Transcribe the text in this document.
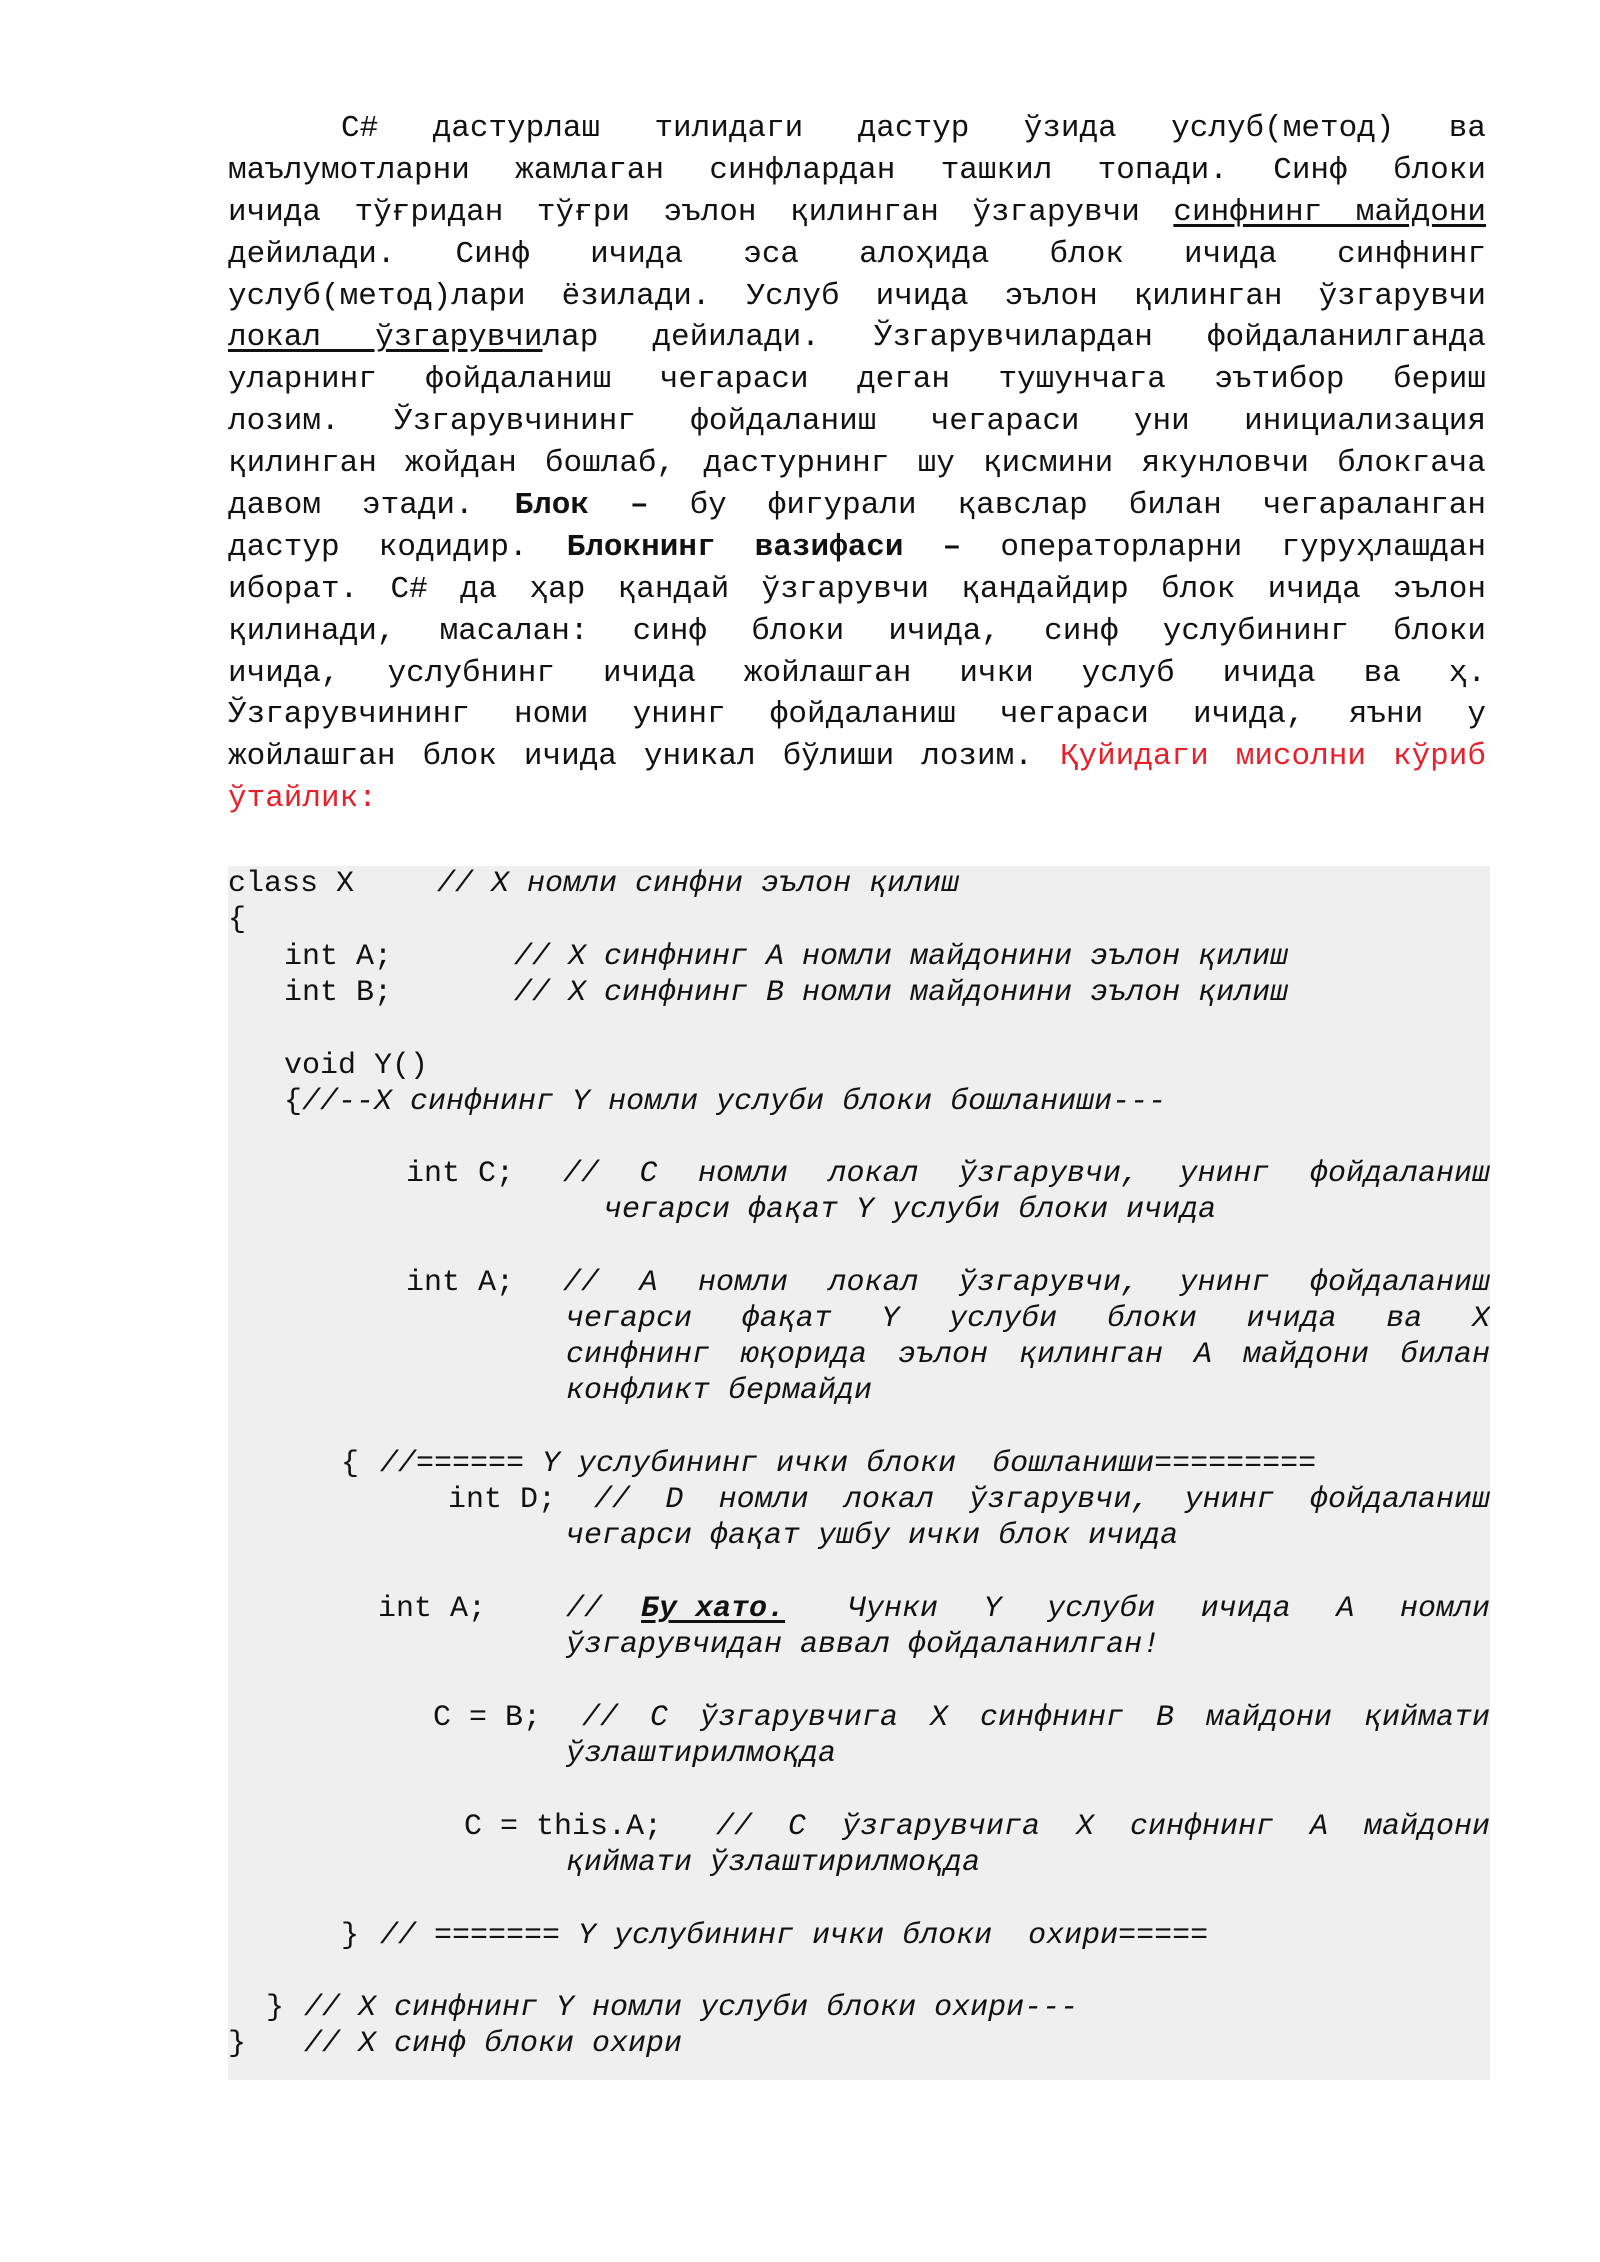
C# дастурлаш тилидаги дастур ўзида услуб(метод) ва
маълумотларни жамлаган синфлардан ташкил топади. Синф блоки
ичида тўғридан тўғри эълон қилинган ўзгарувчи синфнинг майдони
дейилади. Синф ичида эса алоҳида блок ичида синфнинг
услуб(метод)лари ёзилади. Услуб ичида эълон қилинган ўзгарувчи
локал ўзгарувчилар дейилади. Ўзгарувчилардан фойдаланилганда
уларнинг фойдаланиш чегараси деган тушунчага эътибор бериш
лозим. Ўзгарувчининг фойдаланиш чегараси уни инициализация
қилинган жойдан бошлаб, дастурнинг шу қисмини якунловчи блокгача
давом этади. Блок – бу фигурали қавслар билан чегараланган
дастур кодидир. Блокнинг вазифаси – операторларни гуруҳлашдан
иборат. C# да ҳар қандай ўзгарувчи қандайдир блок ичида эълон
қилинади, масалан: синф блоки ичида, синф услубининг блоки
ичида, услубнинг ичида жойлашган ички услуб ичида ва ҳ.
Ўзгарувчининг номи унинг фойдаланиш чегараси ичида, яъни у
жойлашган блок ичида уникал бўлиши лозим. Қуйидаги мисолни кўриб
ўтайлик:
class X	// X номли синфни эълон қилиш
{
int A;	// X синфнинг A номли майдонини эълон қилиш
int B;	// X синфнинг B номли майдонини эълон қилиш
void Y()
{//--X синфнинг Y номли услуби блоки бошланиши---
int C; // C номли локал ўзгарувчи, унинг фойдаланиш
чегарси фақат Y услуби блоки ичида
int A; // A номли локал ўзгарувчи, унинг фойдаланиш
чегарси фақат Y услуби блоки ичида ва X
синфнинг юқорида эълон қилинган A майдони билан
конфликт бермайди
{ //====== Y услубининг ички блоки  бошланиши=========
int D; // D номли локал ўзгарувчи, унинг фойдаланиш
чегарси фақат ушбу ички блок ичида
int A;	// Бу хато. Чунки Y услуби ичида A номли
ўзгарувчидан аввал фойдаланилган!
C = B; // C ўзгарувчига X синфнинг B майдони қиймати
ўзлаштирилмоқда
C = this.A; // C ўзгарувчига X синфнинг A майдони
қиймати ўзлаштирилмоқда
} // ======= Y услубининг ички блоки  охири=====
} // X синфнинг Y номли услуби блоки охири---
} // X синф блоки охири
